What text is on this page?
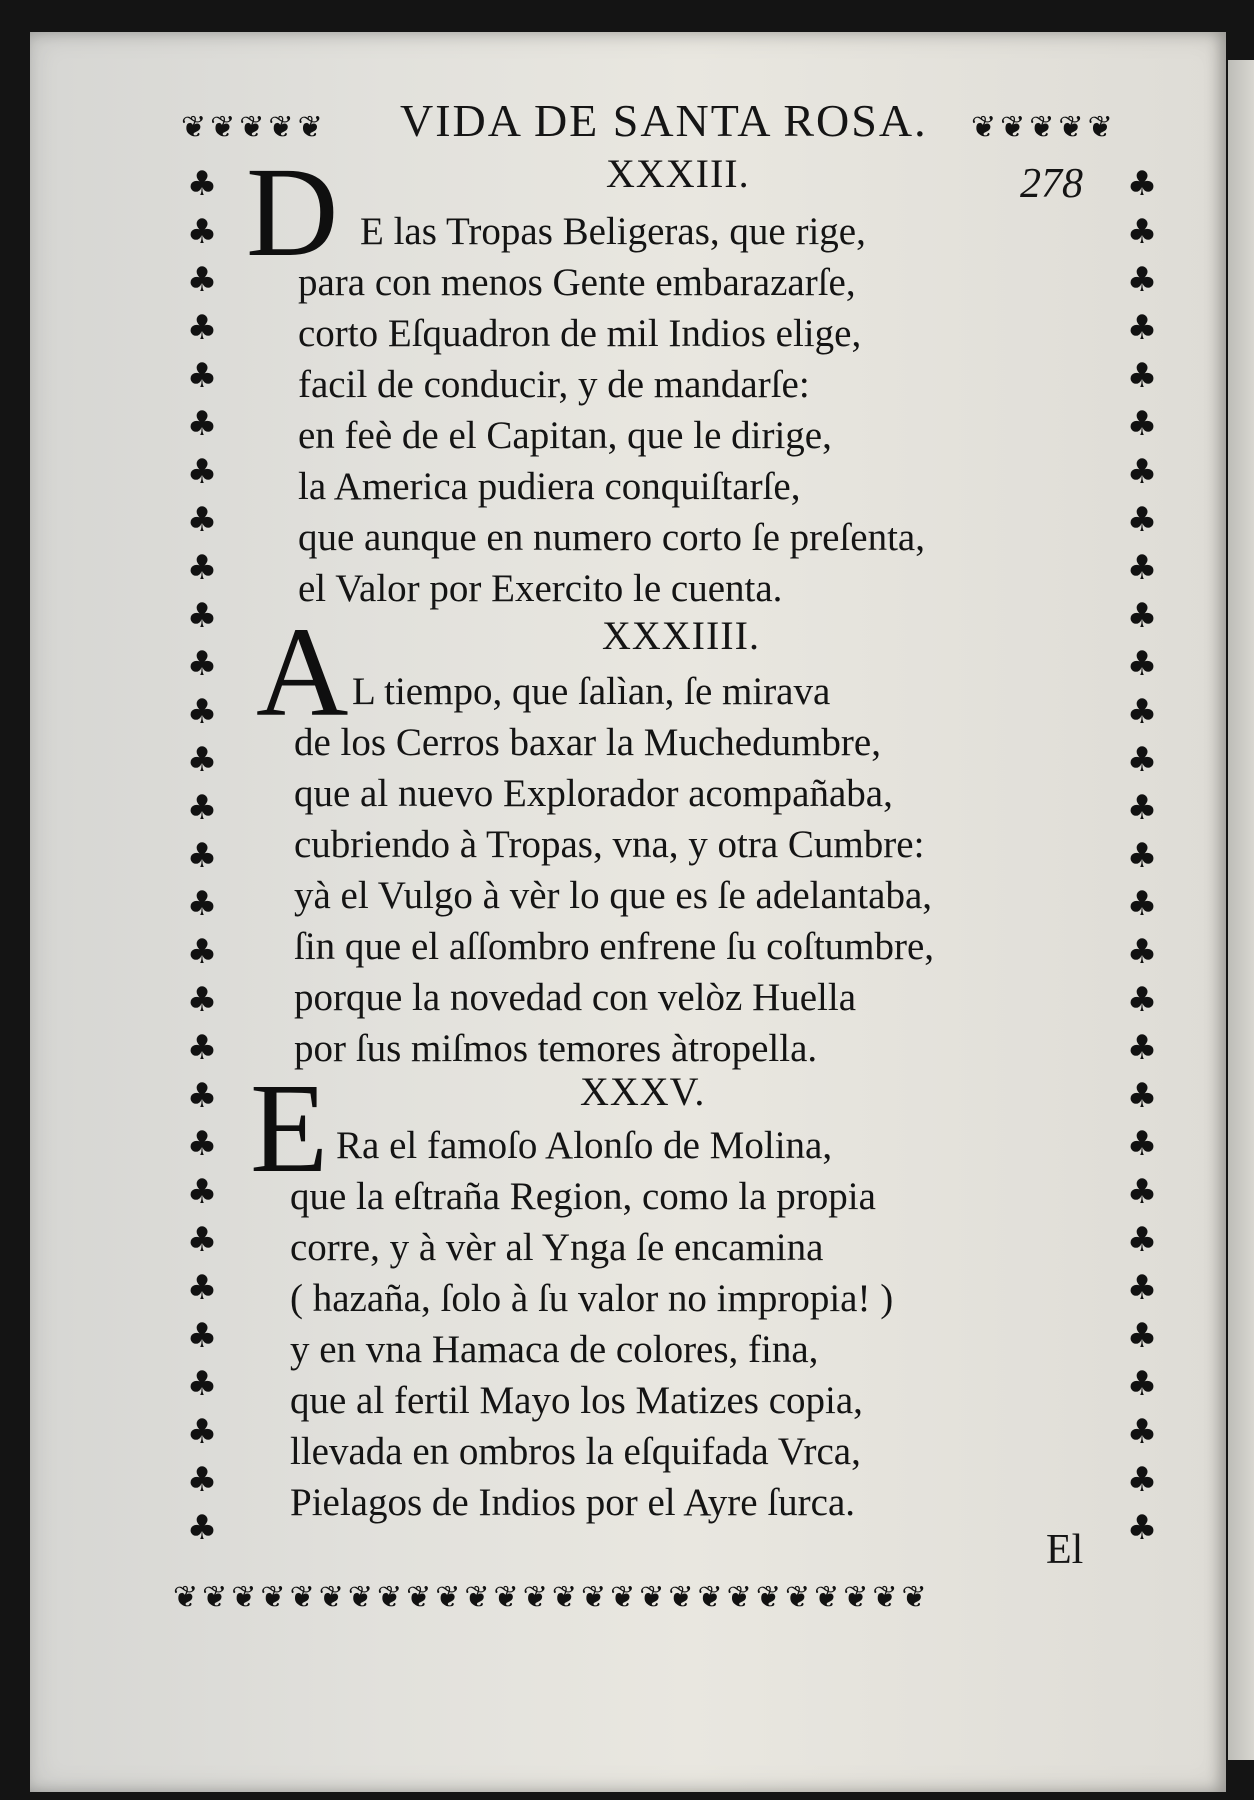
❦ ❦ ❦ ❦ ❦	❦ ❦ ❦ ❦ ❦
❦ ❦ ❦ ❦ ❦ ❦ ❦ ❦ ❦ ❦ ❦ ❦ ❦ ❦ ❦ ❦ ❦ ❦ ❦ ❦ ❦ ❦ ❦ ❦ ❦ ❦
♣
♣
♣
♣
♣
♣
♣
♣
♣
♣
♣
♣
♣
♣
♣
♣
♣
♣
♣
♣
♣
♣
♣
♣
♣
♣
♣
♣
♣
♣
♣
♣
♣
♣
♣
♣
♣
♣
♣
♣
♣
♣
♣
♣
♣
♣
♣
♣
♣
♣
♣
♣
♣
♣
♣
♣
♣
♣
VIDA DE SANTA ROSA.
278
XXXIII.
D E las Tropas Beligeras, que rige,
para con menos Gente embarazarſe,
corto Eſquadron de mil Indios elige,
facil de conducir, y de mandarſe:
en feè de el Capitan, que le dirige,
la America pudiera conquiſtarſe,
que aunque en numero corto ſe preſenta,
el Valor por Exercito le cuenta.
XXXIIII.
A L tiempo, que ſalìan, ſe mirava
de los Cerros baxar la Muchedumbre,
que al nuevo Explorador acompañaba,
cubriendo à Tropas, vna, y otra Cumbre:
yà el Vulgo à vèr lo que es ſe adelantaba,
ſin que el aſſombro enfrene ſu coſtumbre,
porque la novedad con velòz Huella
por ſus miſmos temores àtropella.
XXXV.
E Ra el famoſo Alonſo de Molina,
que la eſtraña Region, como la propia
corre, y à vèr al Ynga ſe encamina
( hazaña, ſolo à ſu valor no impropia! )
y en vna Hamaca de colores, fina,
que al fertil Mayo los Matizes copia,
llevada en ombros la eſquifada Vrca,
Pielagos de Indios por el Ayre ſurca.
El
